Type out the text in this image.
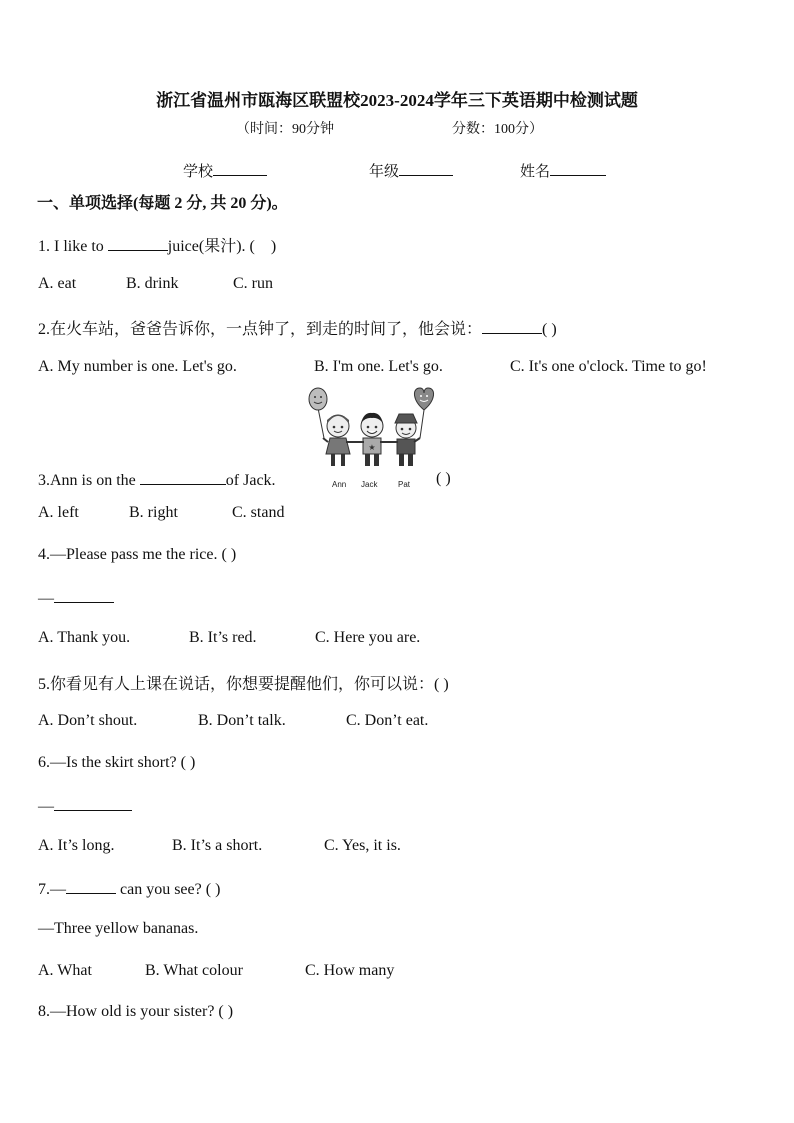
浙江省温州市瓯海区联盟校2023-2024学年三下英语期中检测试题
（时间：90分钟	分数：100分）
学校	年级	姓名
一、单项选择(每题 2 分, 共 20 分)。
1. I like to	juice(果汁). ( )
A. eat	B. drink	C. run
2.在火车站，爸爸告诉你，一点钟了，到走的时间了，他会说：	( )
A. My number is one. Let's go.	B. I'm one. Let's go.	C. It's one o'clock. Time to go!
★
Ann Jack	Pat
3.Ann is on the	of Jack.	( )
A. left	B. right	C. stand
4.—Please pass me the rice. ( )
—
A. Thank you.	B. It’s red.	C. Here you are.
5.你看见有人上课在说话，你想要提醒他们，你可以说：( )
A. Don’t shout.	B. Don’t talk.	C. Don’t eat.
6.—Is the skirt short? ( )
—
A. It’s long.	B. It’s a short.	C. Yes, it is.
7.—	can you see? ( )
—Three yellow bananas.
A. What	B. What colour	C. How many
8.—How old is your sister? ( )
